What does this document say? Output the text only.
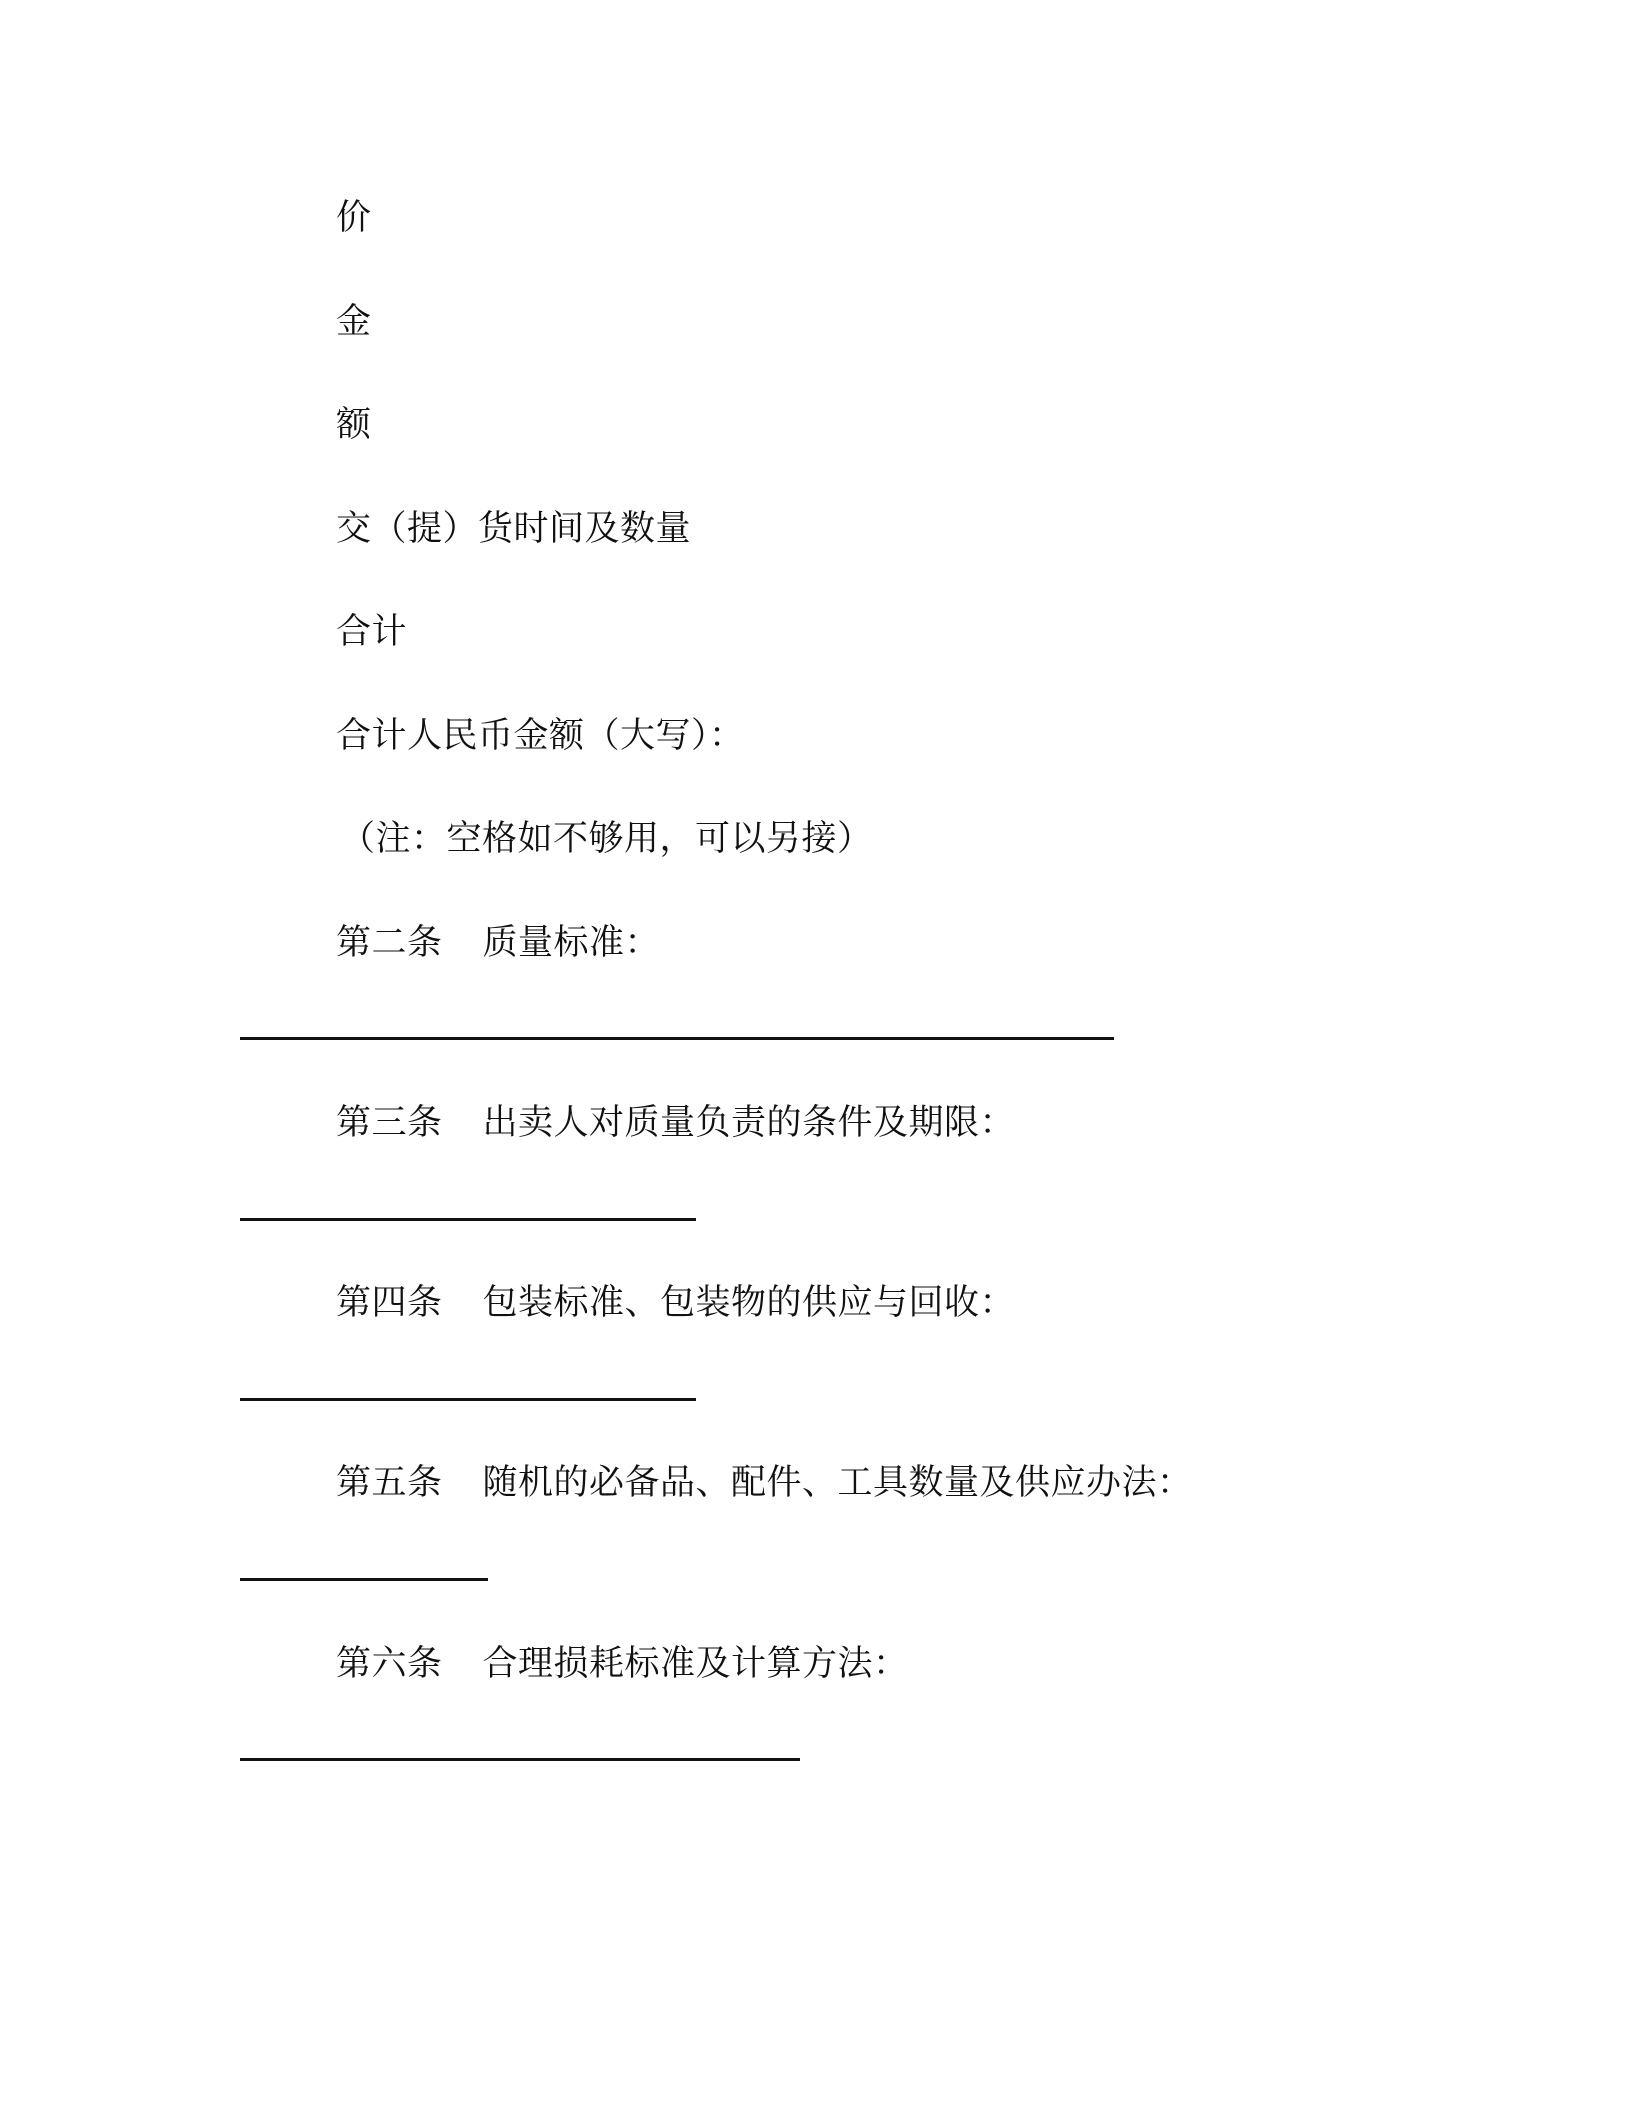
价
金
额
交（提）货时间及数量
合计
合计人民币金额（大写）：
（注：空格如不够用，可以另接）
第二条 质量标准：
第三条 出卖人对质量负责的条件及期限：
第四条 包装标准、包装物的供应与回收：
第五条 随机的必备品、配件、工具数量及供应办法：
第六条 合理损耗标准及计算方法：
